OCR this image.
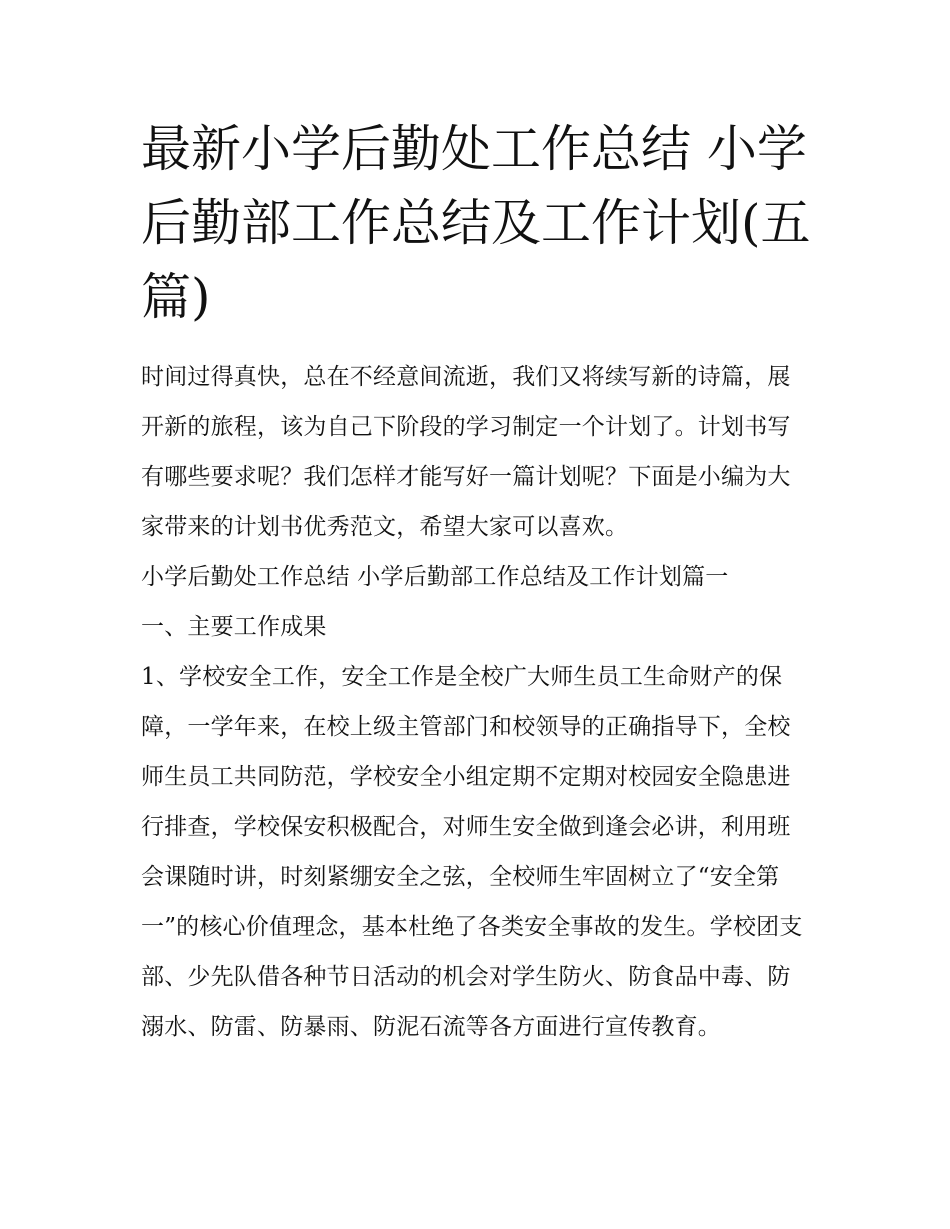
最新小学后勤处工作总结 小学后勤部工作总结及工作计划(五篇)

时间过得真快，总在不经意间流逝，我们又将续写新的诗篇，展开新的旅程，该为自己下阶段的学习制定一个计划了。计划书写有哪些要求呢？我们怎样才能写好一篇计划呢？下面是小编为大家带来的计划书优秀范文，希望大家可以喜欢。

小学后勤处工作总结 小学后勤部工作总结及工作计划篇一

一、主要工作成果

1、学校安全工作，安全工作是全校广大师生员工生命财产的保障，一学年来，在校上级主管部门和校领导的正确指导下，全校师生员工共同防范，学校安全小组定期不定期对校园安全隐患进行排查，学校保安积极配合，对师生安全做到逢会必讲，利用班会课随时讲，时刻紧绷安全之弦，全校师生牢固树立了“安全第一”的核心价值理念，基本杜绝了各类安全事故的发生。学校团支部、少先队借各种节日活动的机会对学生防火、防食品中毒、防溺水、防雷、防暴雨、防泥石流等各方面进行宣传教育。
